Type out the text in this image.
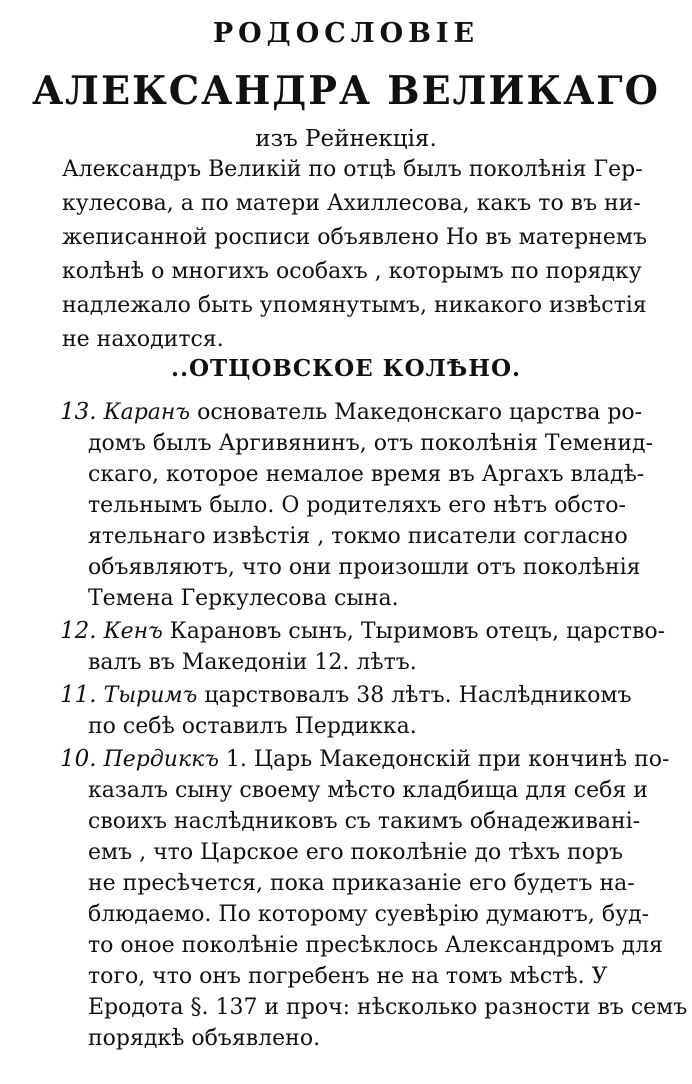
РОДОСЛОВІЕ
АЛЕКСАНДРА ВЕЛИКАГО
изъ Рейнекція.
Александръ Великій по отцѣ былъ поколѣнія Гер-
кулесова, а по матери Ахиллесова, какъ то въ ни-
жеписанной росписи объявлено Но въ матернемъ
колѣнѣ о многихъ особахъ , которымъ по порядку
надлежало быть упомянутымъ, никакого извѣстія
не находится.
..ОТЦОВСКОЕ КОЛѢНО.
13. Каранъ основатель Македонскаго царства ро-
домъ былъ Аргивянинъ, отъ поколѣнія Теменид-
скаго, которое немалое время въ Аргахъ владѣ-
тельнымъ было. О родителяхъ его нѣтъ обсто-
ятельнаго извѣстія , токмо писатели согласно
объявляютъ, что они произошли отъ поколѣнія
Темена Геркулесова сына.
12. Кенъ Карановъ сынъ, Тыримовъ отецъ, царство-
валъ въ Македоніи 12. лѣтъ.
11. Тыримъ царствовалъ 38 лѣтъ. Наслѣдникомъ
по себѣ оставилъ Пердикка.
10. Пердиккъ 1. Царь Македонскій при кончинѣ по-
казалъ сыну своему мѣсто кладбища для себя и
своихъ наслѣдниковъ съ такимъ обнадеживані-
емъ , что Царское его поколѣніе до тѣхъ поръ
не пресѣчется, пока приказаніе его будетъ на-
блюдаемо. По которому суевѣрію думаютъ, буд-
то оное поколѣніе пресѣклось Александромъ для
того, что онъ погребенъ не на томъ мѣстѣ. У
Еродота §. 137 и проч: нѣсколько разности въ семъ
порядкѣ объявлено.
